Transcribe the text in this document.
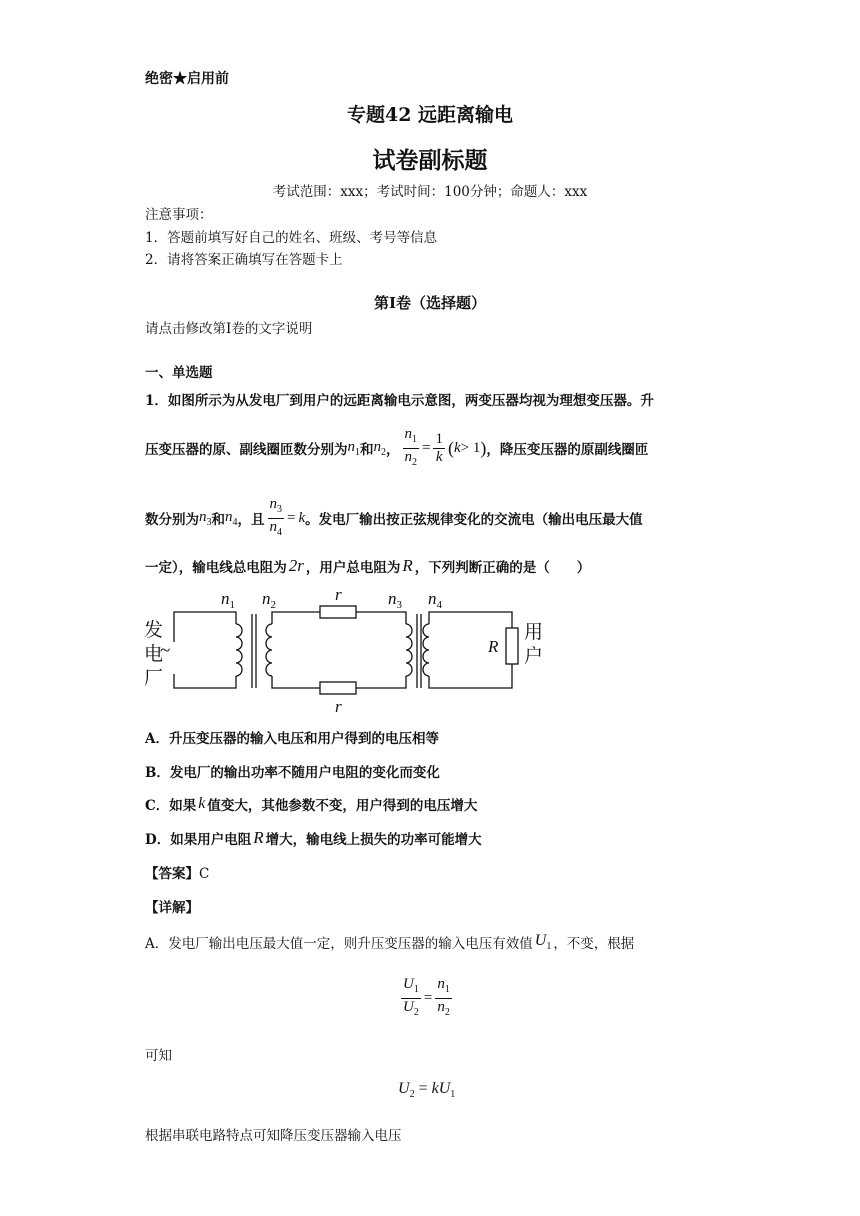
绝密★启用前
专题42 远距离输电
试卷副标题
考试范围：xxx；考试时间：100分钟；命题人：xxx
注意事项：
1．答题前填写好自己的姓名、班级、考号等信息
2．请将答案正确填写在答题卡上
第I卷（选择题）
请点击修改第I卷的文字说明
一、单选题
1．如图所示为从发电厂到用户的远距离输电示意图，两变压器均视为理想变压器。升
压变压器的原、副线圈匝数分别为 $n_1$ 和 $n_2$ ， $\frac{n_1}{n_2} = \frac{1}{k}$ ( k > 1 ) ，降压变压器的原副线圈匝
数分别为 $n_3$ 和 $n_4$ ，且 $\frac{n_3}{n_4} = k$ 。发电厂输出按正弦规律变化的交流电（输出电压最大值
一定），输电线总电阻为 2r ，用户总电阻为 R ，下列判断正确的是（　　）
发
电
厂
~
用
户
$n_1$ $n_2$	$n_3$ $n_4$
r
r
R
A．升压变压器的输入电压和用户得到的电压相等
B．发电厂的输出功率不随用户电阻的变化而变化
C．如果 k 值变大，其他参数不变，用户得到的电压增大
D．如果用户电阻 R 增大，输电线上损失的功率可能增大
【答案】C
【详解】
A．发电厂输出电压最大值一定，则升压变压器的输入电压有效值 $U_1$ ，不变，根据
$\frac{U_1}{U_2} = \frac{n_1}{n_2}$
可知
$U_2 = kU_1$
根据串联电路特点可知降压变压器输入电压
